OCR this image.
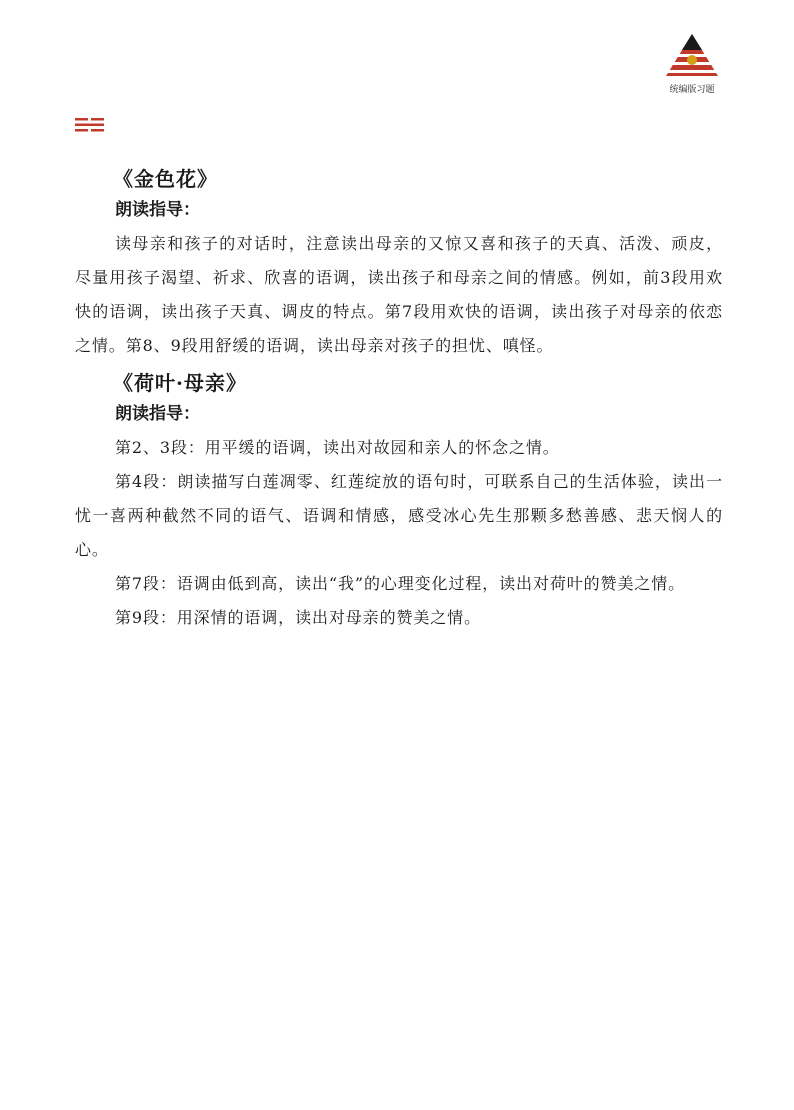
统编版习题
《金色花》
朗读指导：

读母亲和孩子的对话时，注意读出母亲的又惊又喜和孩子的天真、活泼、顽皮，尽量用孩子渴望、祈求、欣喜的语调，读出孩子和母亲之间的情感。例如，前3段用欢快的语调，读出孩子天真、调皮的特点。第7段用欢快的语调，读出孩子对母亲的依恋之情。第8、9段用舒缓的语调，读出母亲对孩子的担忧、嗔怪。

《荷叶·母亲》
朗读指导：

第2、3段：用平缓的语调，读出对故园和亲人的怀念之情。

第4段：朗读描写白莲凋零、红莲绽放的语句时，可联系自己的生活体验，读出一忧一喜两种截然不同的语气、语调和情感，感受冰心先生那颗多愁善感、悲天悯人的心。

第7段：语调由低到高，读出“我”的心理变化过程，读出对荷叶的赞美之情。

第9段：用深情的语调，读出对母亲的赞美之情。
